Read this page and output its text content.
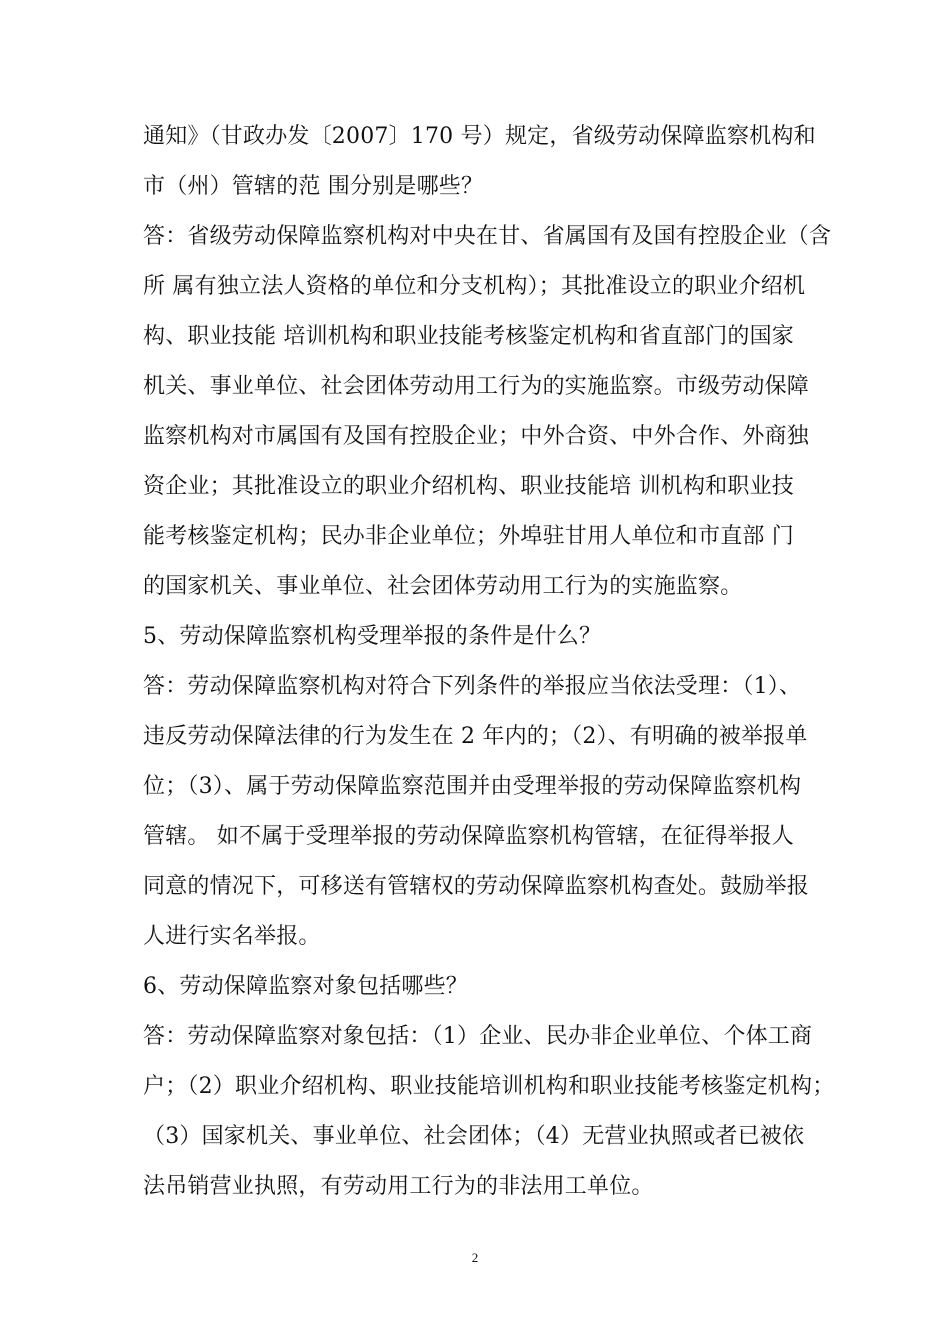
通知》（甘政办发〔2007〕170 号）规定，省级劳动保障监察机构和
市（州）管辖的范 围分别是哪些？
答：省级劳动保障监察机构对中央在甘、省属国有及国有控股企业（含
所 属有独立法人资格的单位和分支机构）；其批准设立的职业介绍机
构、职业技能 培训机构和职业技能考核鉴定机构和省直部门的国家
机关、事业单位、社会团体劳动用工行为的实施监察。市级劳动保障
监察机构对市属国有及国有控股企业；中外合资、中外合作、外商独
资企业；其批准设立的职业介绍机构、职业技能培 训机构和职业技
能考核鉴定机构；民办非企业单位；外埠驻甘用人单位和市直部 门
的国家机关、事业单位、社会团体劳动用工行为的实施监察。
5、劳动保障监察机构受理举报的条件是什么？
答：劳动保障监察机构对符合下列条件的举报应当依法受理：（1）、
违反劳动保障法律的行为发生在 2 年内的；（2）、有明确的被举报单
位；（3）、属于劳动保障监察范围并由受理举报的劳动保障监察机构
管辖。 如不属于受理举报的劳动保障监察机构管辖，在征得举报人
同意的情况下，可移送有管辖权的劳动保障监察机构查处。鼓励举报
人进行实名举报。
6、劳动保障监察对象包括哪些？
答：劳动保障监察对象包括：（1）企业、民办非企业单位、个体工商
户；（2）职业介绍机构、职业技能培训机构和职业技能考核鉴定机构；
（3）国家机关、事业单位、社会团体；（4）无营业执照或者已被依
法吊销营业执照，有劳动用工行为的非法用工单位。
2
